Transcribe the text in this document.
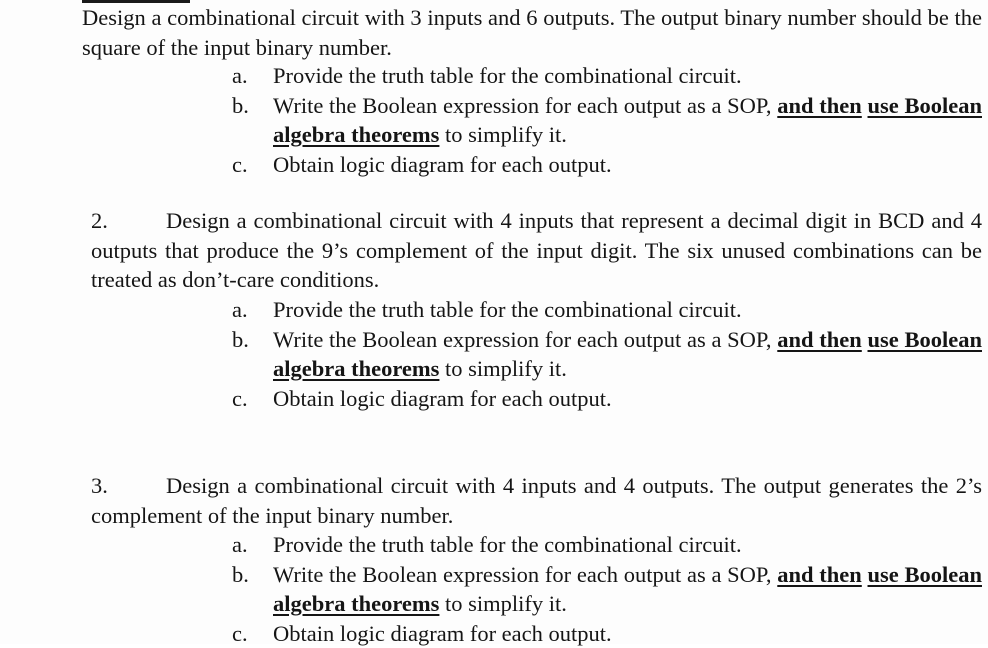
Design a combinational circuit with 3 inputs and 6 outputs. The output binary number should be the square of the input binary number.

a. Provide the truth table for the combinational circuit.
b. Write the Boolean expression for each output as a SOP, and then use Boolean algebra theorems to simplify it.
c. Obtain logic diagram for each output.

2.	Design a combinational circuit with 4 inputs that represent a decimal digit in BCD and 4 outputs that produce the 9’s complement of the input digit. The six unused combinations can be treated as don’t-care conditions.

a. Provide the truth table for the combinational circuit.
b. Write the Boolean expression for each output as a SOP, and then use Boolean algebra theorems to simplify it.
c. Obtain logic diagram for each output.

3.	Design a combinational circuit with 4 inputs and 4 outputs. The output generates the 2’s complement of the input binary number.

a. Provide the truth table for the combinational circuit.
b. Write the Boolean expression for each output as a SOP, and then use Boolean algebra theorems to simplify it.
c. Obtain logic diagram for each output.
